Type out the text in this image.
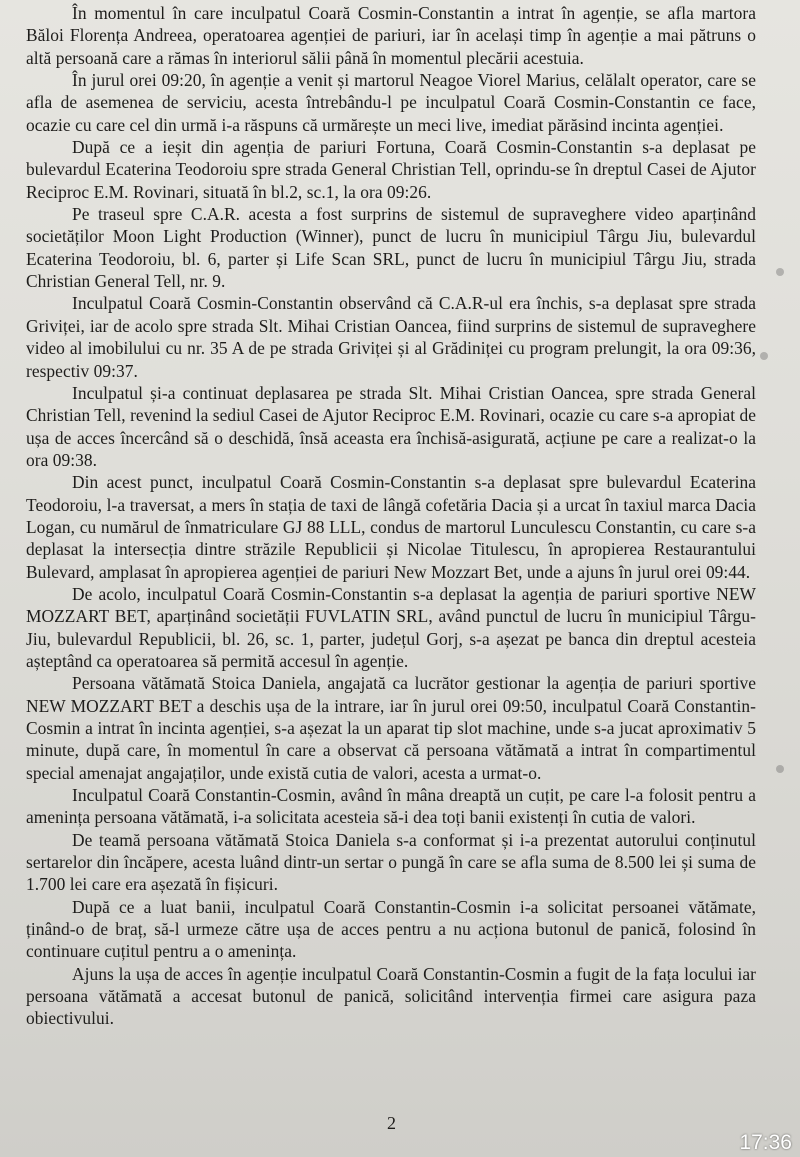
În momentul în care inculpatul Coară Cosmin-Constantin a intrat în agenție, se afla martora Băloi Florența Andreea, operatoarea agenției de pariuri, iar în același timp în agenție a mai pătruns o altă persoană care a rămas în interiorul sălii până în momentul plecării acestuia.

În jurul orei 09:20, în agenție a venit și martorul Neagoe Viorel Marius, celălalt operator, care se afla de asemenea de serviciu, acesta întrebându-l pe inculpatul Coară Cosmin-Constantin ce face, ocazie cu care cel din urmă i-a răspuns că urmărește un meci live, imediat părăsind incinta agenției.

După ce a ieșit din agenția de pariuri Fortuna, Coară Cosmin-Constantin s-a deplasat pe bulevardul Ecaterina Teodoroiu spre strada General Christian Tell, oprindu-se în dreptul Casei de Ajutor Reciproc E.M. Rovinari, situată în bl.2, sc.1, la ora 09:26.

Pe traseul spre C.A.R. acesta a fost surprins de sistemul de supraveghere video aparținând societăților Moon Light Production (Winner), punct de lucru în municipiul Târgu Jiu, bulevardul Ecaterina Teodoroiu, bl. 6, parter și Life Scan SRL, punct de lucru în municipiul Târgu Jiu, strada Christian General Tell, nr. 9.

Inculpatul Coară Cosmin-Constantin observând că C.A.R-ul era închis, s-a deplasat spre strada Griviței, iar de acolo spre strada Slt. Mihai Cristian Oancea, fiind surprins de sistemul de supraveghere video al imobilului cu nr. 35 A de pe strada Griviței și al Grădiniței cu program prelungit, la ora 09:36, respectiv 09:37.

Inculpatul și-a continuat deplasarea pe strada Slt. Mihai Cristian Oancea, spre strada General Christian Tell, revenind la sediul Casei de Ajutor Reciproc E.M. Rovinari, ocazie cu care s-a apropiat de ușa de acces încercând să o deschidă, însă aceasta era închisă-asigurată, acțiune pe care a realizat-o la ora 09:38.

Din acest punct, inculpatul Coară Cosmin-Constantin s-a deplasat spre bulevardul Ecaterina Teodoroiu, l-a traversat, a mers în stația de taxi de lângă cofetăria Dacia și a urcat în taxiul marca Dacia Logan, cu numărul de înmatriculare GJ 88 LLL, condus de martorul Lunculescu Constantin, cu care s-a deplasat la intersecția dintre străzile Republicii și Nicolae Titulescu, în apropierea Restaurantului Bulevard, amplasat în apropierea agenției de pariuri New Mozzart Bet, unde a ajuns în jurul orei 09:44.

De acolo, inculpatul Coară Cosmin-Constantin s-a deplasat la agenția de pariuri sportive NEW MOZZART BET, aparținând societății FUVLATIN SRL, având punctul de lucru în municipiul Târgu-Jiu, bulevardul Republicii, bl. 26, sc. 1, parter, județul Gorj, s-a așezat pe banca din dreptul acesteia așteptând ca operatoarea să permită accesul în agenție.

Persoana vătămată Stoica Daniela, angajată ca lucrător gestionar la agenția de pariuri sportive NEW MOZZART BET a deschis ușa de la intrare, iar în jurul orei 09:50, inculpatul Coară Constantin-Cosmin a intrat în incinta agenției, s-a așezat la un aparat tip slot machine, unde s-a jucat aproximativ 5 minute, după care, în momentul în care a observat că persoana vătămată a intrat în compartimentul special amenajat angajaților, unde există cutia de valori, acesta a urmat-o.

Inculpatul Coară Constantin-Cosmin, având în mâna dreaptă un cuțit, pe care l-a folosit pentru a amenința persoana vătămată, i-a solicitata acesteia să-i dea toți banii existenți în cutia de valori.

De teamă persoana vătămată Stoica Daniela s-a conformat și i-a prezentat autorului conținutul sertarelor din încăpere, acesta luând dintr-un sertar o pungă în care se afla suma de 8.500 lei și suma de 1.700 lei care era așezată în fișicuri.

După ce a luat banii, inculpatul Coară Constantin-Cosmin i-a solicitat persoanei vătămate, ținând-o de braț, să-l urmeze către ușa de acces pentru a nu acționa butonul de panică, folosind în continuare cuțitul pentru a o amenința.

Ajuns la ușa de acces în agenție inculpatul Coară Constantin-Cosmin a fugit de la fața locului iar persoana vătămată a accesat butonul de panică, solicitând intervenția firmei care asigura paza obiectivului.

2
17:36
